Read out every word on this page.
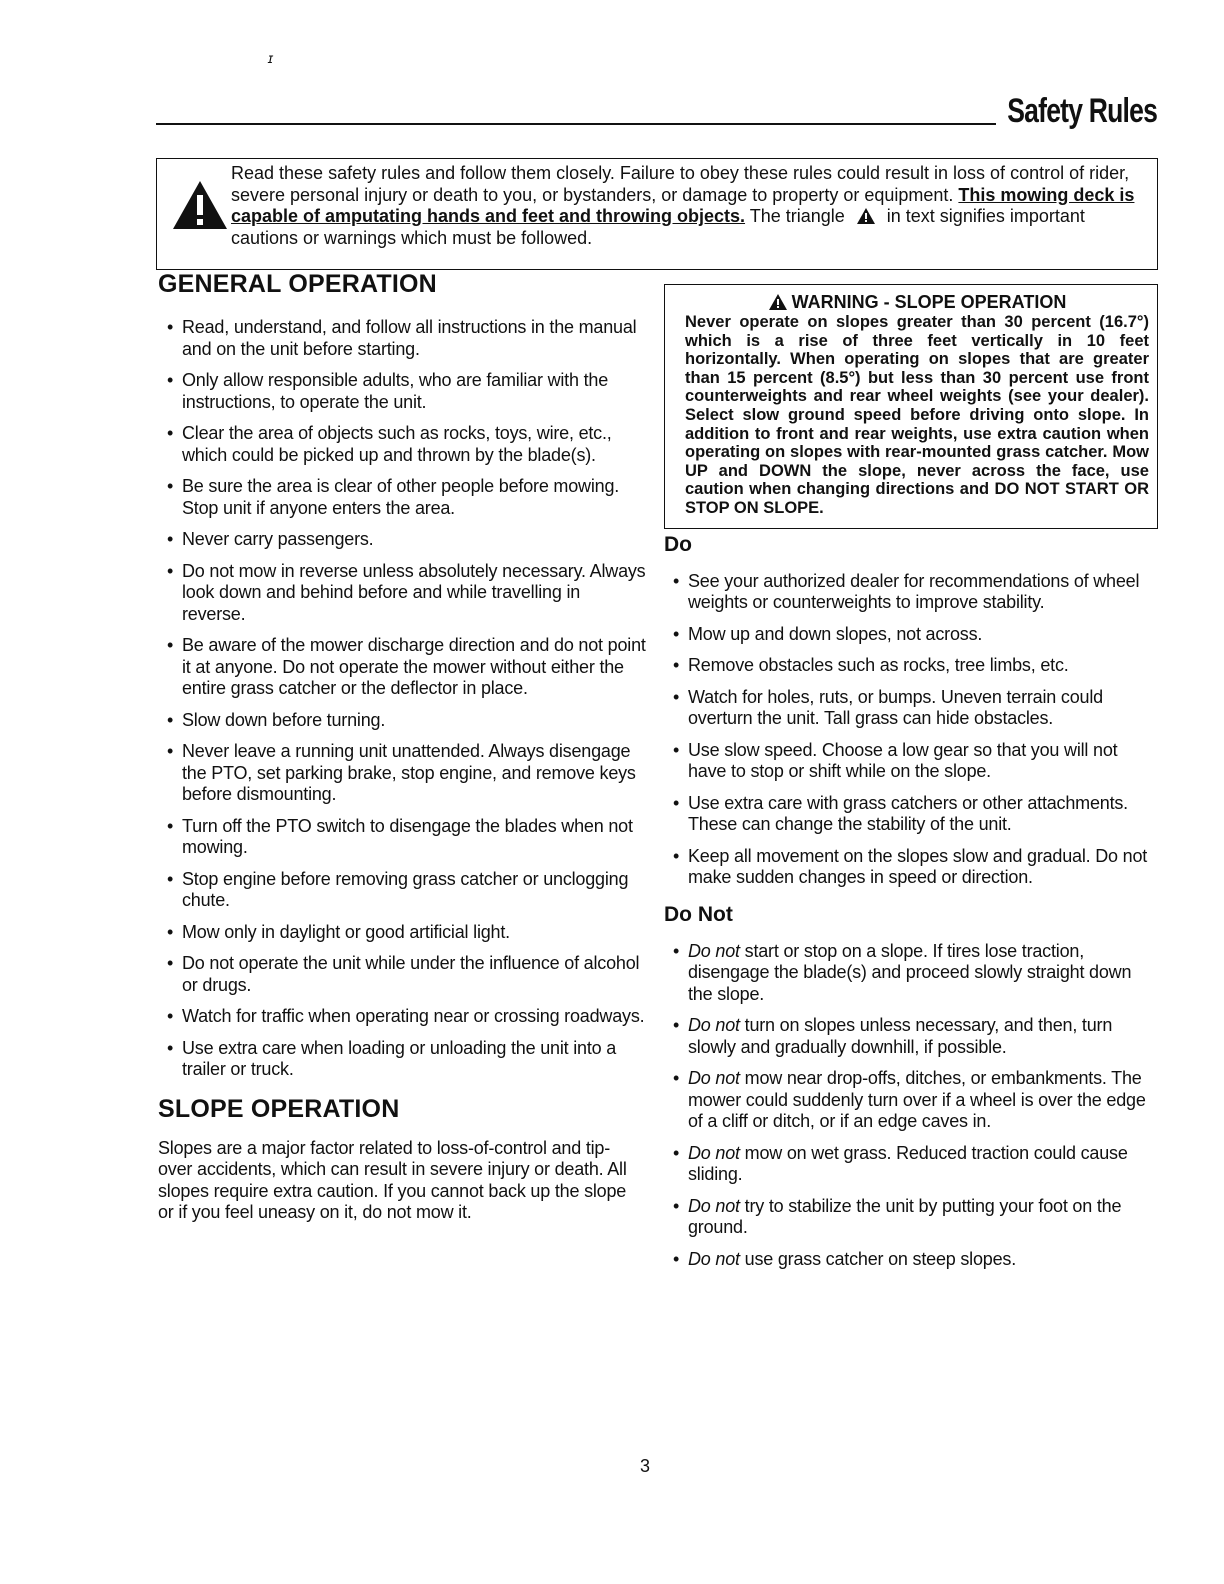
ɪ
Safety Rules
Read these safety rules and follow them closely. Failure to obey these rules could result in loss of control of rider, severe personal injury or death to you, or bystanders, or damage to property or equipment. This mowing deck is capable of amputating hands and feet and throwing objects. The triangle  in text signifies important cautions or warnings which must be followed.
GENERAL OPERATION
• Read, understand, and follow all instructions in the manual and on the unit before starting.
• Only allow responsible adults, who are familiar with the instructions, to operate the unit.
• Clear the area of objects such as rocks, toys, wire, etc., which could be picked up and thrown by the blade(s).
• Be sure the area is clear of other people before mowing. Stop unit if anyone enters the area.
• Never carry passengers.
• Do not mow in reverse unless absolutely necessary. Always look down and behind before and while travelling in reverse.
• Be aware of the mower discharge direction and do not point it at anyone. Do not operate the mower without either the entire grass catcher or the deflector in place.
• Slow down before turning.
• Never leave a running unit unattended. Always disengage the PTO, set parking brake, stop engine, and remove keys before dismounting.
• Turn off the PTO switch to disengage the blades when not mowing.
• Stop engine before removing grass catcher or unclogging chute.
• Mow only in daylight or good artificial light.
• Do not operate the unit while under the influence of alcohol or drugs.
• Watch for traffic when operating near or crossing roadways.
• Use extra care when loading or unloading the unit into a trailer or truck.
SLOPE OPERATION
Slopes are a major factor related to loss-of-control and tip-over accidents, which can result in severe injury or death. All slopes require extra caution. If you cannot back up the slope or if you feel uneasy on it, do not mow it.
WARNING - SLOPE OPERATION
Never operate on slopes greater than 30 percent (16.7°) which is a rise of three feet vertically in 10 feet horizontally. When operating on slopes that are greater than 15 percent (8.5°) but less than 30 percent use front counterweights and rear wheel weights (see your dealer). Select slow ground speed before driving onto slope. In addition to front and rear weights, use extra caution when operating on slopes with rear-mounted grass catcher. Mow UP and DOWN the slope, never across the face, use caution when changing directions and DO NOT START OR STOP ON SLOPE.
Do
• See your authorized dealer for recommendations of wheel weights or counterweights to improve stability.
• Mow up and down slopes, not across.
• Remove obstacles such as rocks, tree limbs, etc.
• Watch for holes, ruts, or bumps. Uneven terrain could overturn the unit. Tall grass can hide obstacles.
• Use slow speed. Choose a low gear so that you will not have to stop or shift while on the slope.
• Use extra care with grass catchers or other attachments. These can change the stability of the unit.
• Keep all movement on the slopes slow and gradual. Do not make sudden changes in speed or direction.
Do Not
• Do not start or stop on a slope. If tires lose traction, disengage the blade(s) and proceed slowly straight down the slope.
• Do not turn on slopes unless necessary, and then, turn slowly and gradually downhill, if possible.
• Do not mow near drop-offs, ditches, or embankments. The mower could suddenly turn over if a wheel is over the edge of a cliff or ditch, or if an edge caves in.
• Do not mow on wet grass. Reduced traction could cause sliding.
• Do not try to stabilize the unit by putting your foot on the ground.
• Do not use grass catcher on steep slopes.
3
